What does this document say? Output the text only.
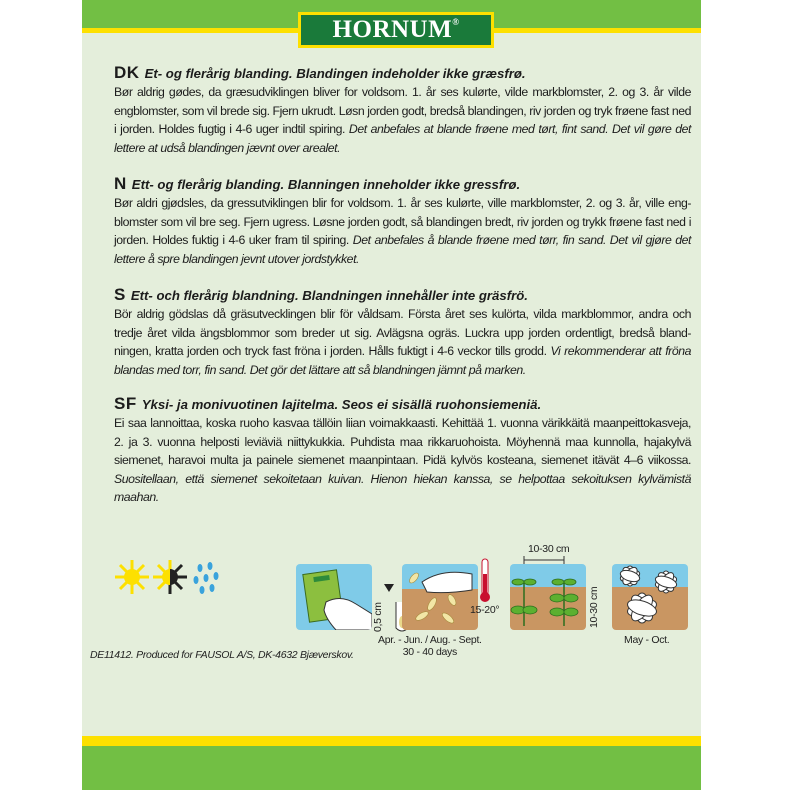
HORNUM®
DK Et- og flerårig blanding. Blandingen indeholder ikke græsfrø.
Bør aldrig gødes, da græsudviklingen bliver for voldsom. 1. år ses kulørte, vilde markblomster, 2. og 3. år vilde engblomster, som vil brede sig. Fjern ukrudt. Løsn jorden godt, bredså blandingen, riv jorden og tryk frøene fast ned i jorden. Holdes fugtig i 4-6 uger indtil spiring. Det anbefales at blande frøene med tørt, fint sand. Det vil gøre det lettere at udså blandingen jævnt over arealet.
N Ett- og flerårig blanding. Blanningen inneholder ikke gressfrø.
Bør aldri gjødsles, da gressutviklingen blir for voldsom. 1. år ses kulørte, ville markblomster, 2. og 3. år, ville eng-blomster som vil bre seg. Fjern ugress. Løsne jorden godt, så blandingen bredt, riv jorden og trykk frøene fast ned i jorden. Holdes fuktig i 4-6 uker fram til spiring. Det anbefales å blande frøene med tørr, fin sand. Det vil gjøre det lettere å spre blandingen jevnt utover jordstykket.
S Ett- och flerårig blandning. Blandningen innehåller inte gräsfrö.
Bör aldrig gödslas då gräsutvecklingen blir för våldsam. Första året ses kulörta, vilda markblommor, andra och tredje året vilda ängsblommor som breder ut sig. Avlägsna ogräs. Luckra upp jorden ordentligt, bredså bland-ningen, kratta jorden och tryck fast fröna i jorden. Hålls fuktigt i 4-6 veckor tills grodd. Vi rekommenderar att fröna blandas med torr, fin sand. Det gör det lättare att så blandningen jämnt på marken.
SF Yksi- ja monivuotinen lajitelma. Seos ei sisällä ruohonsiemeniä.
Ei saa lannoittaa, koska ruoho kasvaa tällöin liian voimakkaasti. Kehittää 1. vuonna värikkäitä maanpeittokasveja, 2. ja 3. vuonna helposti leviäviä niittykukkia. Puhdista maa rikkaruohoista. Möyhennä maa kunnolla, hajakylvä siemenet, haravoi multa ja painele siemenet maanpintaan. Pidä kylvös kosteana, siemenet itävät 4–6 viikossa. Suositellaan, että siemenet sekoitetaan kuivan. Hienon hiekan kanssa, se helpottaa sekoituksen kylvämistä maahan.
0,5 cm	15-20°
Apr. - Jun. / Aug. - Sept.
30 - 40 days
10-30 cm
10-30 cm
May - Oct.
DE11412. Produced for FAUSOL A/S, DK-4632 Bjæverskov.
